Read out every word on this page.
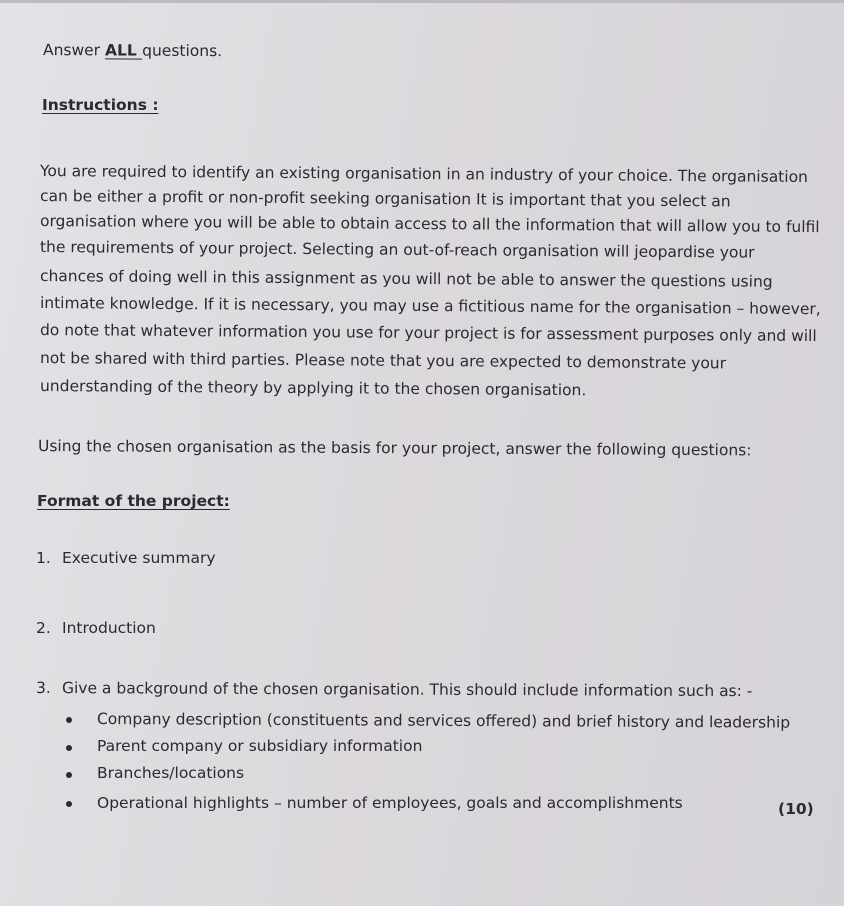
Answer ALL questions.
Instructions :
You are required to identify an existing organisation in an industry of your choice. The organisation
can be either a profit or non-profit seeking organisation It is important that you select an
organisation where you will be able to obtain access to all the information that will allow you to fulfil
the requirements of your project. Selecting an out-of-reach organisation will jeopardise your
chances of doing well in this assignment as you will not be able to answer the questions using
intimate knowledge. If it is necessary, you may use a fictitious name for the organisation – however,
do note that whatever information you use for your project is for assessment purposes only and will
not be shared with third parties. Please note that you are expected to demonstrate your
understanding of the theory by applying it to the chosen organisation.
Using the chosen organisation as the basis for your project, answer the following questions:
Format of the project:
1. Executive summary
2. Introduction
3. Give a background of the chosen organisation. This should include information such as: -
Company description (constituents and services offered) and brief history and leadership
Parent company or subsidiary information
Branches/locations
Operational highlights – number of employees, goals and accomplishments	(10)
